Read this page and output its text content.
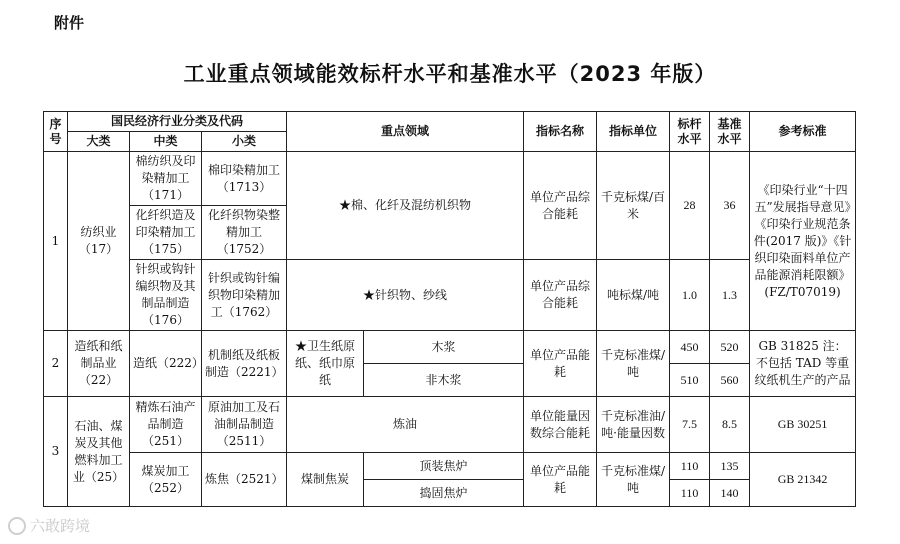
附件
工业重点领域能效标杆水平和基准水平（2023 年版）
序号	国民经济行业分类及代码			重点领域		指标名称	指标单位	标杆水平	基准水平	参考标准
	大类	中类	小类							
1	纺织业（17）	棉纺织及印染精加工（171）	棉印染精加工（1713）	★棉、化纤及混纺机织物		单位产品综合能耗	千克标煤/百米	28	36	《印染行业“十四五”发展指导意见》《印染行业规范条件(2017 版)》《针织印染面料单位产品能源消耗限额》(FZ/T07019)
		化纤织造及印染精加工（175）	化纤织物染整精加工（1752）							
		针织或钩针编织物及其制品制造（176）	针织或钩针编织物印染精加工（1762）	★针织物、纱线		单位产品综合能耗	吨标煤/吨	1.0	1.3	
2	造纸和纸制品业（22）	造纸（222）	机制纸及纸板制造（2221）	★卫生纸原纸、纸巾原纸	木浆	单位产品能耗	千克标准煤/吨	450	520	GB 31825 注：不包括 TAD 等重纹纸机生产的产品
					非木浆			510	560	
3	石油、煤炭及其他燃料加工业（25）	精炼石油产品制造（251）	原油加工及石油制品制造（2511）	炼油		单位能量因数综合能耗	千克标准油/吨·能量因数	7.5	8.5	GB 30251
		煤炭加工（252）	炼焦（2521）	煤制焦炭	顶装焦炉	单位产品能耗	千克标准煤/吨	110	135	GB 21342
					捣固焦炉			110	140	
六敢跨境
